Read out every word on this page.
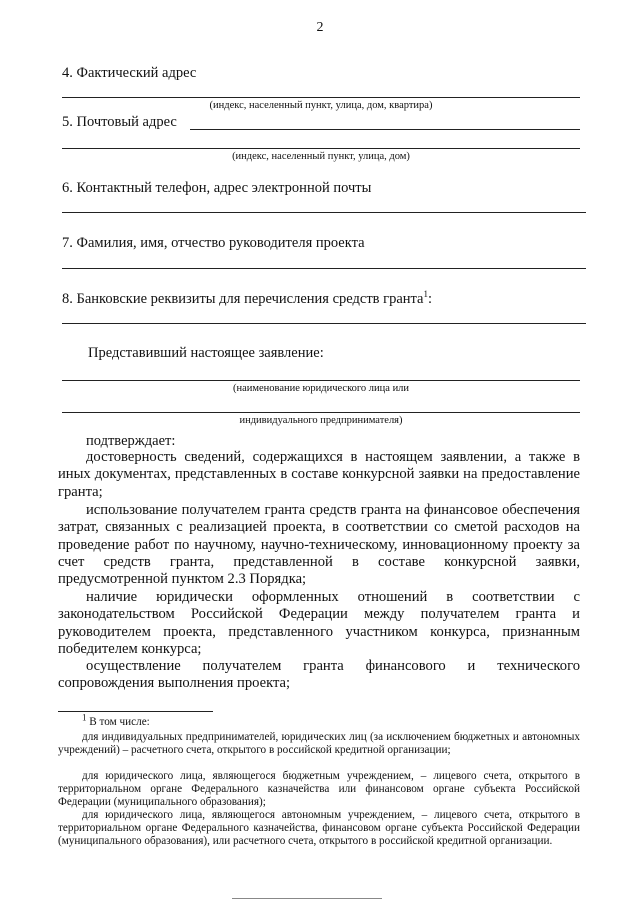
2
4. Фактический адрес
(индекс, населенный пункт, улица, дом, квартира)
5. Почтовый адрес
(индекс, населенный пункт, улица, дом)
6. Контактный телефон, адрес электронной почты
7. Фамилия, имя, отчество руководителя проекта
8. Банковские реквизиты для перечисления средств гранта$^1$:
Представивший настоящее заявление:
(наименование юридического лица или
индивидуального предпринимателя)
подтверждает:
достоверность сведений, содержащихся в настоящем заявлении, а также в иных документах, представленных в составе конкурсной заявки на предоставление гранта;
использование получателем гранта средств гранта на финансовое обеспечения затрат, связанных с реализацией проекта, в соответствии со сметой расходов на проведение работ по научному, научно-техническому, инновационному проекту за счет средств гранта, представленной в составе конкурсной заявки, предусмотренной пунктом 2.3 Порядка;
наличие юридически оформленных отношений в соответствии с законодательством Российской Федерации между получателем гранта и руководителем проекта, представленного участником конкурса, признанным победителем конкурса;
осуществление получателем гранта финансового и технического сопровождения выполнения проекта;
$^1$ В том числе:
для индивидуальных предпринимателей, юридических лиц (за исключением бюджетных и автономных учреждений) – расчетного счета, открытого в российской кредитной организации;
для юридического лица, являющегося бюджетным учреждением, – лицевого счета, открытого в территориальном органе Федерального казначейства или финансовом органе субъекта Российской Федерации (муниципального образования);
для юридического лица, являющегося автономным учреждением, – лицевого счета, открытого в территориальном органе Федерального казначейства, финансовом органе субъекта Российской Федерации (муниципального образования), или расчетного счета, открытого в российской кредитной организации.
